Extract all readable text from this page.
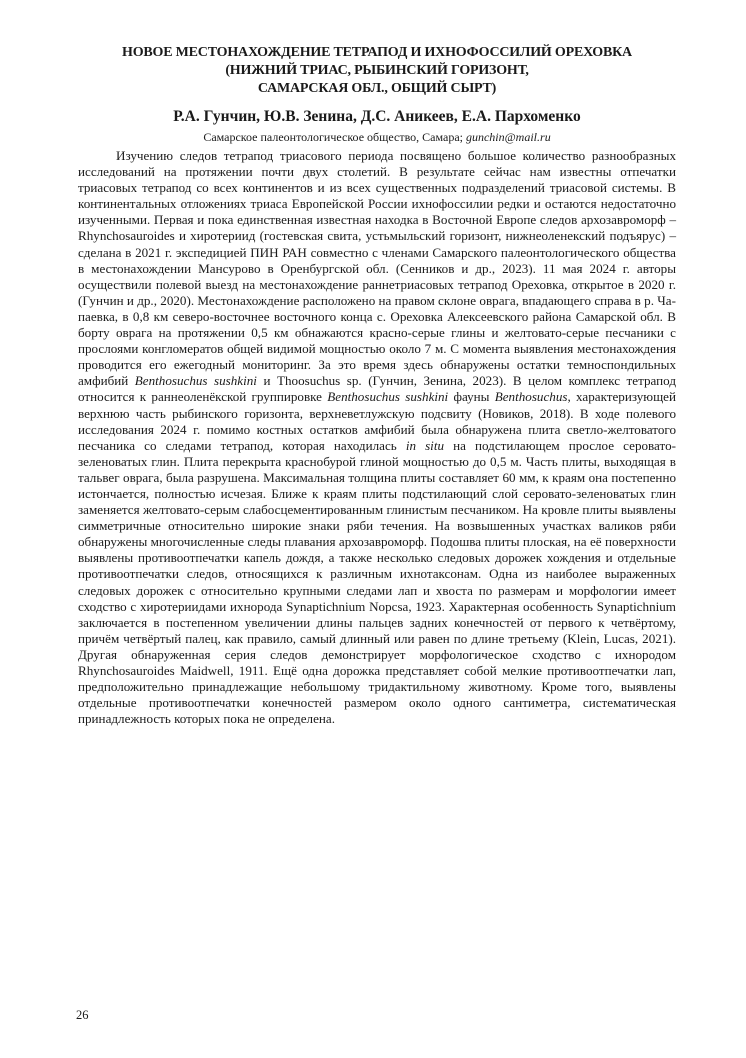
НОВОЕ МЕСТОНАХОЖДЕНИЕ ТЕТРАПОД И ИХНОФОССИЛИЙ ОРЕХОВКА
(НИЖНИЙ ТРИАС, РЫБИНСКИЙ ГОРИЗОНТ,
САМАРСКАЯ ОБЛ., ОБЩИЙ СЫРТ)
Р.А. Гунчин, Ю.В. Зенина, Д.С. Аникеев, Е.А. Пархоменко
Самарское палеонтологическое общество, Самара; gunchin@mail.ru

Изучению следов тетрапод триасового периода посвящено большое количество разнообразных исследований на протяжении почти двух столетий. В результате сейчас нам известны отпечатки триасовых тетрапод со всех континентов и из всех существенных подразделений триасовой системы. В континентальных отложениях триаса Европейской России ихнофоссилии редки и остаются недостаточно изученными. Первая и пока единственная известная находка в Восточной Европе следов архозавроморф – Rhynchosauroides и хиротериид (гостевская свита, устьмыльский горизонт, нижнеоленекский подъярус) – сделана в 2021 г. экспедицией ПИН РАН совместно с членами Самарского палеонтологического общества в местонахождении Мансурово в Оренбургской обл. (Сенников и др., 2023). 11 мая 2024 г. авторы осуществили полевой выезд на местонахождение раннетриасовых тетрапод Ореховка, открытое в 2020 г. (Гунчин и др., 2020). Местонахождение расположено на правом склоне оврага, впадающего справа в р. Чапаевка, в 0,8 км северо-восточнее восточного конца с. Ореховка Алексеевского района Самарской обл. В борту оврага на протяжении 0,5 км обнажаются красно-серые глины и желтовато-серые песчаники с прослоями конгломератов общей видимой мощностью около 7 м. С момента выявления местонахождения проводится его ежегодный мониторинг. За это время здесь обнаружены остатки темноспондильных амфибий Benthosuchus sushkini и Thoosuchus sp. (Гунчин, Зенина, 2023). В целом комплекс тетрапод относится к раннеоленёкской группировке Benthosuchus sushkini фауны Benthosuchus, характеризующей верхнюю часть рыбинского горизонта, верхневетлужскую подсвиту (Новиков, 2018). В ходе полевого исследования 2024 г. помимо костных остатков амфибий была обнаружена плита светло-желтоватого песчаника со следами тетрапод, которая находилась in situ на подстилающем прослое серовато-зеленоватых глин. Плита перекрыта краснобурой глиной мощностью до 0,5 м. Часть плиты, выходящая в тальвег оврага, была разрушена. Максимальная толщина плиты составляет 60 мм, к краям она постепенно истончается, полностью исчезая. Ближе к краям плиты подстилающий слой серовато-зеленоватых глин заменяется желтовато-серым слабосцементированным глинистым песчаником. На кровле плиты выявлены симметричные относительно широкие знаки ряби течения. На возвышенных участках валиков ряби обнаружены многочисленные следы плавания архозавроморф. Подошва плиты плоская, на её поверхности выявлены противоотпечатки капель дождя, а также несколько следовых дорожек хождения и отдельные противоотпечатки следов, относящихся к различным ихнотаксонам. Одна из наиболее выраженных следовых дорожек с относительно крупными следами лап и хвоста по размерам и морфологии имеет сходство с хиротериидами ихнорода Synaptichnium Nopcsa, 1923. Характерная особенность Synaptichnium заключается в постепенном увеличении длины пальцев задних конечностей от первого к четвёртому, причём четвёртый палец, как правило, самый длинный или равен по длине третьему (Klein, Lucas, 2021). Другая обнаруженная серия следов демонстрирует морфологическое сходство с ихнородом Rhynchosauroides Maidwell, 1911. Ещё одна дорожка представляет собой мелкие противоотпечатки лап, предположительно принадлежащие небольшому тридактильному животному. Кроме того, выявлены отдельные противоотпечатки конечностей размером около одного сантиметра, систематическая принадлежность которых пока не определена.

26
